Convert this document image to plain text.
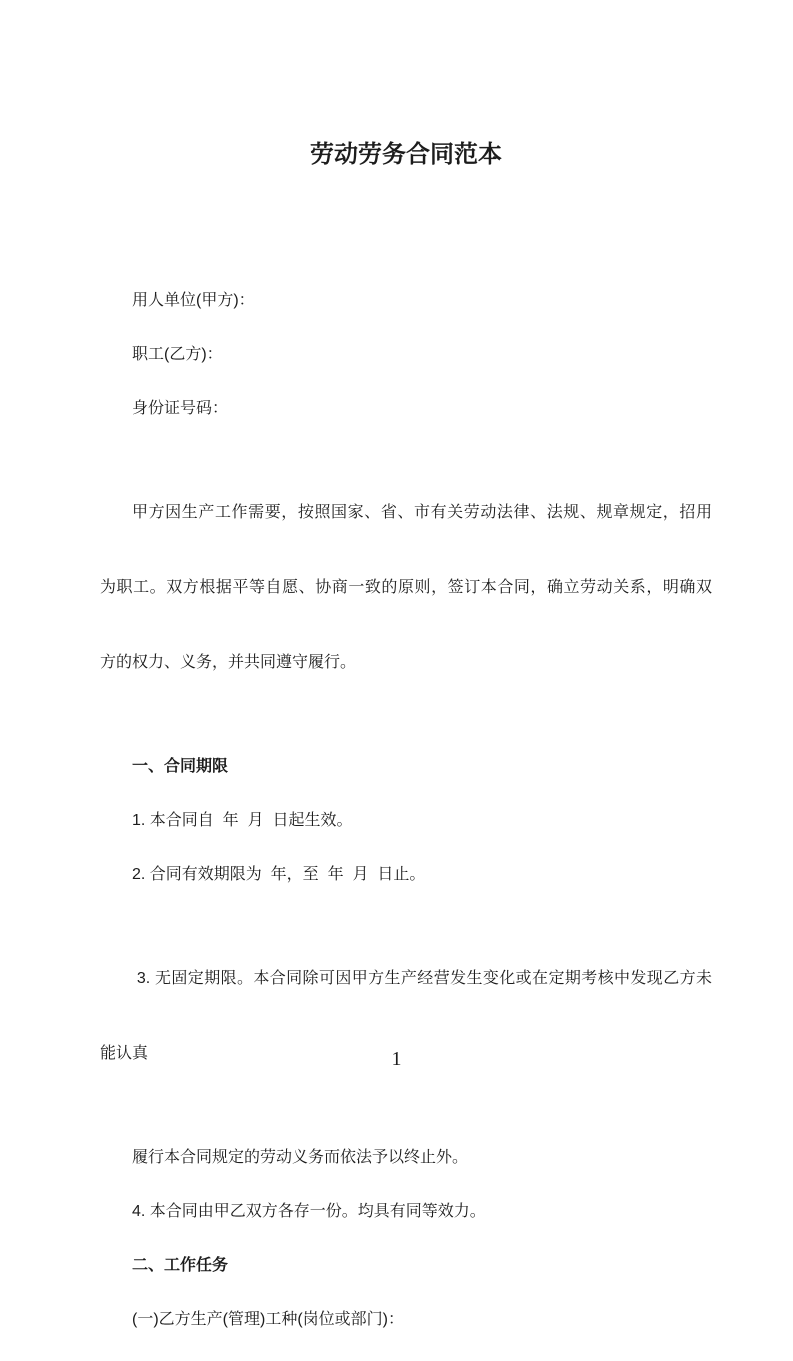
劳动劳务合同范本

用人单位(甲方)：

职工(乙方)：

身份证号码：

甲方因生产工作需要，按照国家、省、市有关劳动法律、法规、规章规定，招用

为职工。双方根据平等自愿、协商一致的原则，签订本合同，确立劳动关系，明确双

方的权力、义务，并共同遵守履行。

一、合同期限

1. 本合同自  年  月  日起生效。

2. 合同有效期限为  年，至  年  月  日止。

3. 无固定期限。本合同除可因甲方生产经营发生变化或在定期考核中发现乙方未

能认真

履行本合同规定的劳动义务而依法予以终止外。

4. 本合同由甲乙双方各存一份。均具有同等效力。

二、工作任务

(一)乙方生产(管理)工种(岗位或部门)：

1
